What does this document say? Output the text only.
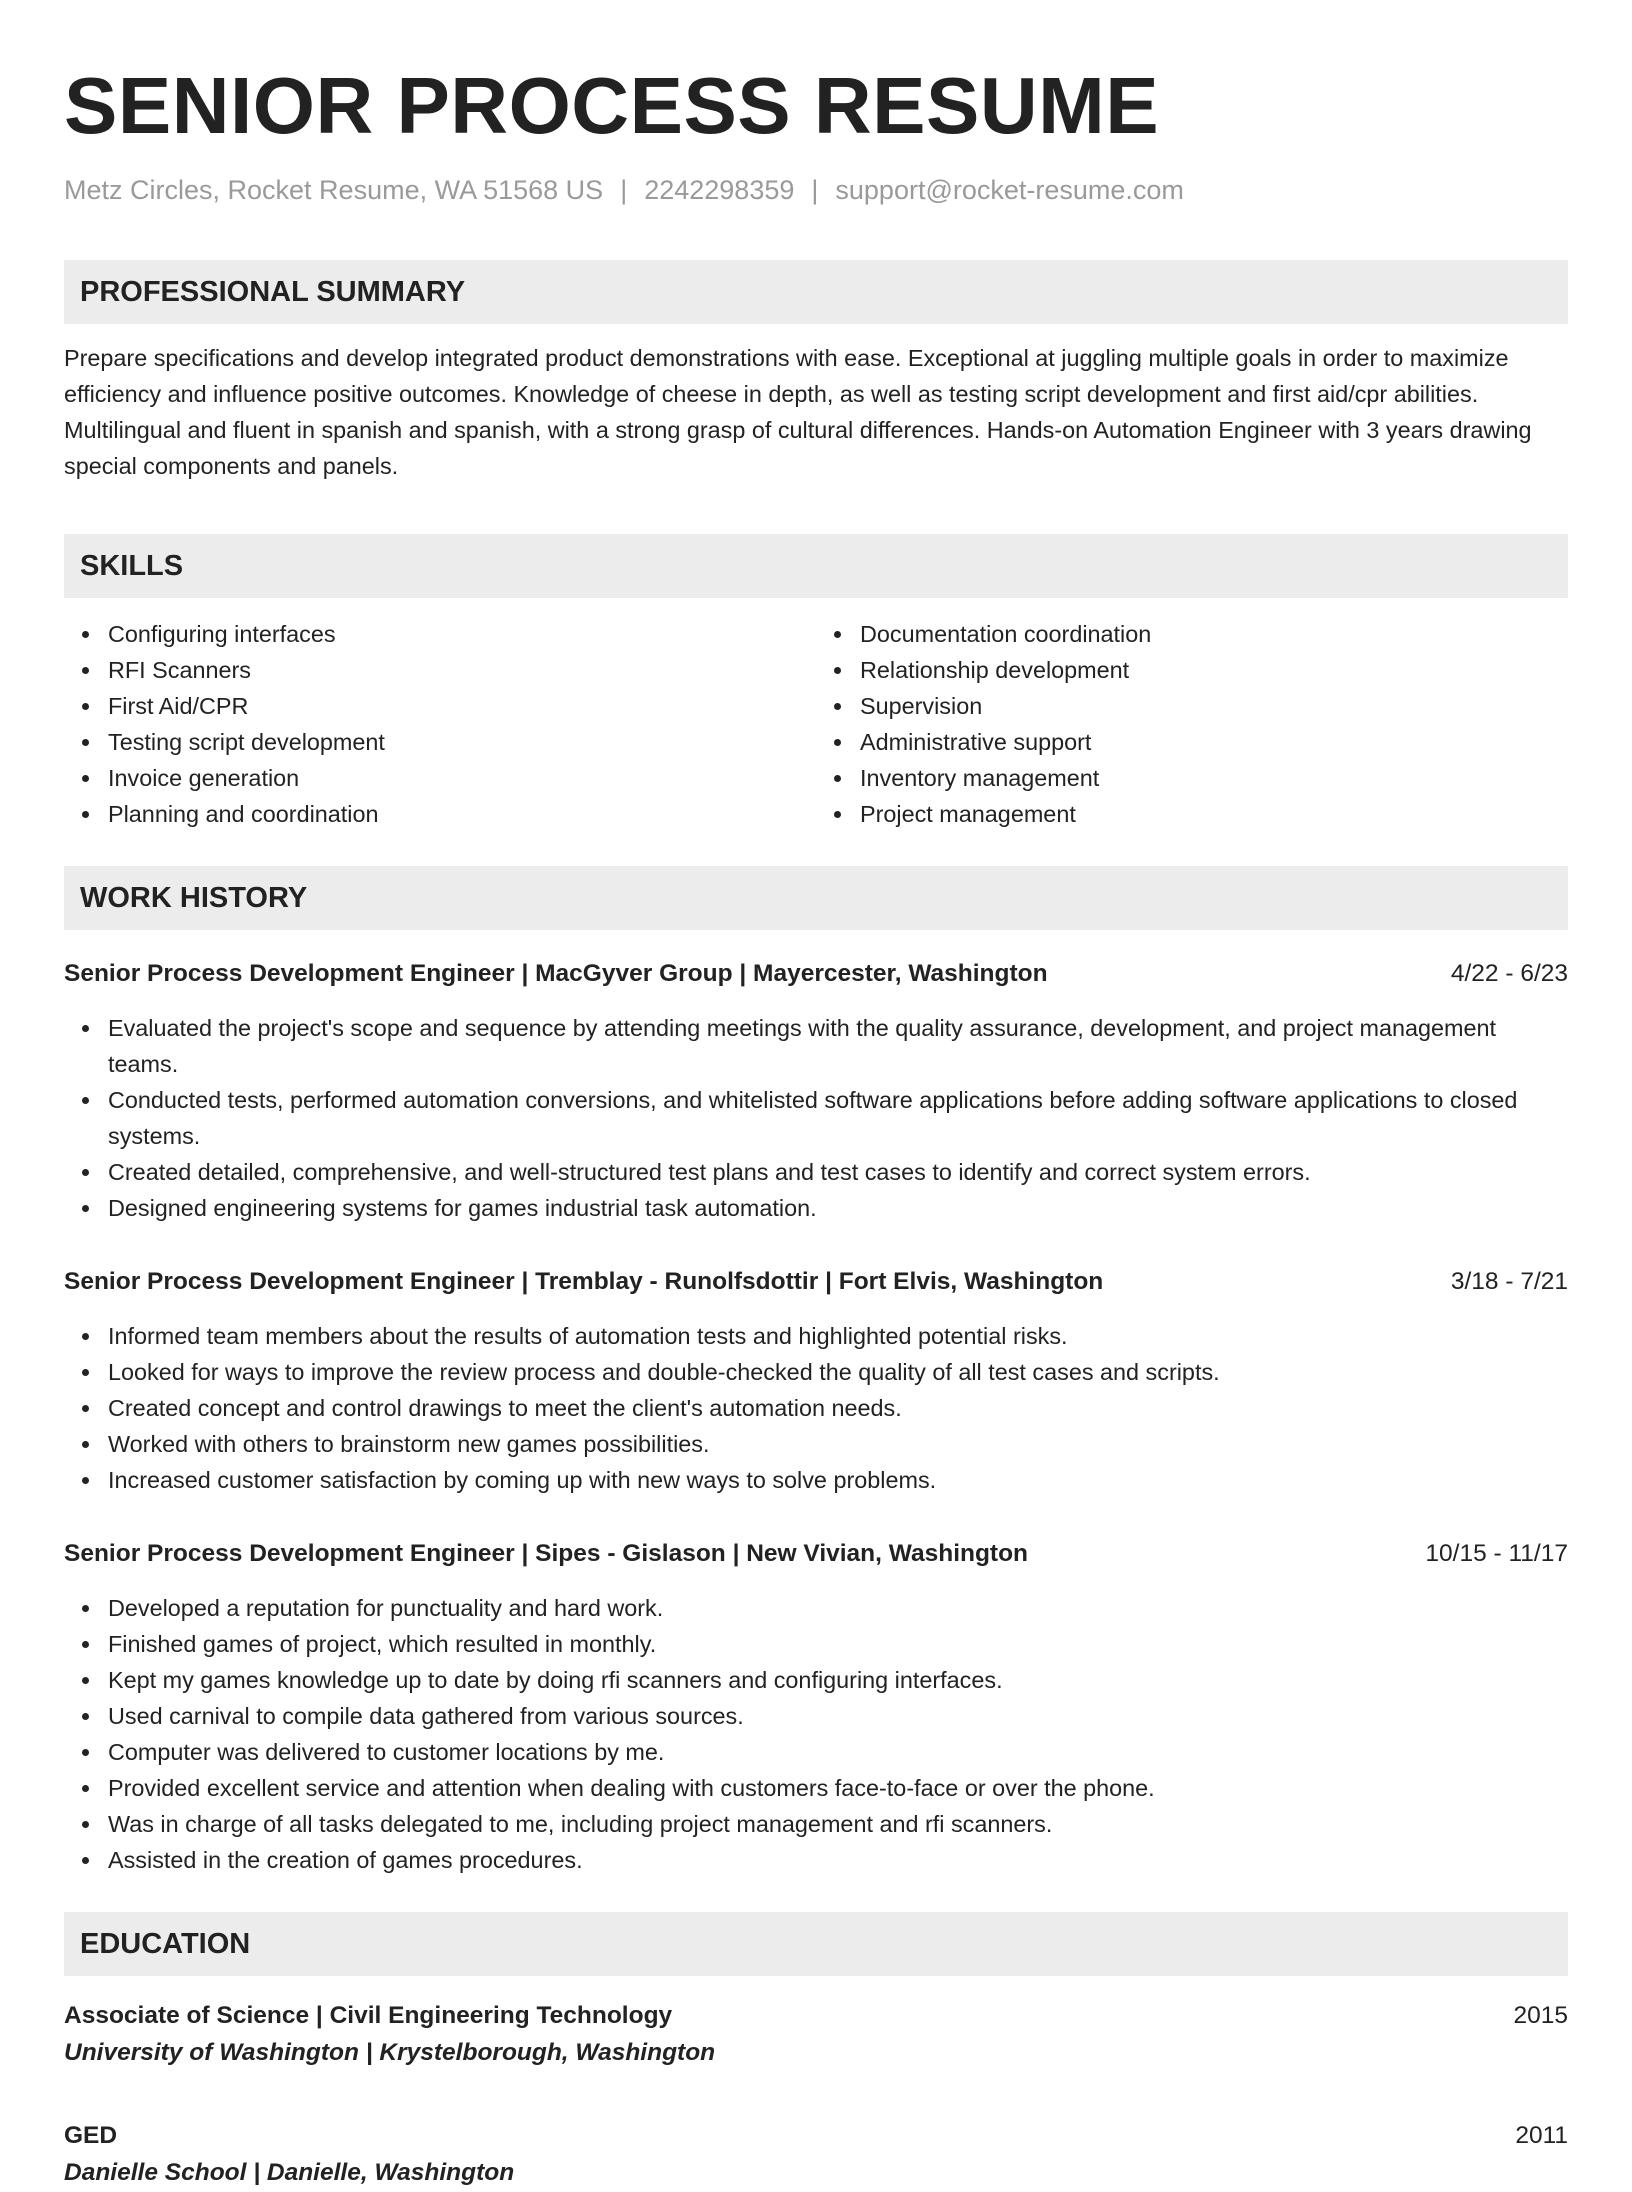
SENIOR PROCESS RESUME
Metz Circles, Rocket Resume, WA 51568 US | 2242298359 | support@rocket-resume.com
PROFESSIONAL SUMMARY
Prepare specifications and develop integrated product demonstrations with ease. Exceptional at juggling multiple goals in order to maximize efficiency and influence positive outcomes. Knowledge of cheese in depth, as well as testing script development and first aid/cpr abilities. Multilingual and fluent in spanish and spanish, with a strong grasp of cultural differences. Hands-on Automation Engineer with 3 years drawing special components and panels.
SKILLS
Configuring interfaces
RFI Scanners
First Aid/CPR
Testing script development
Invoice generation
Planning and coordination
Documentation coordination
Relationship development
Supervision
Administrative support
Inventory management
Project management
WORK HISTORY
Senior Process Development Engineer | MacGyver Group | Mayercester, Washington	4/22 - 6/23
Evaluated the project's scope and sequence by attending meetings with the quality assurance, development, and project management teams.
Conducted tests, performed automation conversions, and whitelisted software applications before adding software applications to closed systems.
Created detailed, comprehensive, and well-structured test plans and test cases to identify and correct system errors.
Designed engineering systems for games industrial task automation.
Senior Process Development Engineer | Tremblay - Runolfsdottir | Fort Elvis, Washington	3/18 - 7/21
Informed team members about the results of automation tests and highlighted potential risks.
Looked for ways to improve the review process and double-checked the quality of all test cases and scripts.
Created concept and control drawings to meet the client's automation needs.
Worked with others to brainstorm new games possibilities.
Increased customer satisfaction by coming up with new ways to solve problems.
Senior Process Development Engineer | Sipes - Gislason | New Vivian, Washington	10/15 - 11/17
Developed a reputation for punctuality and hard work.
Finished games of project, which resulted in monthly.
Kept my games knowledge up to date by doing rfi scanners and configuring interfaces.
Used carnival to compile data gathered from various sources.
Computer was delivered to customer locations by me.
Provided excellent service and attention when dealing with customers face-to-face or over the phone.
Was in charge of all tasks delegated to me, including project management and rfi scanners.
Assisted in the creation of games procedures.
EDUCATION
Associate of Science | Civil Engineering Technology	2015
University of Washington | Krystelborough, Washington
GED	2011
Danielle School | Danielle, Washington
